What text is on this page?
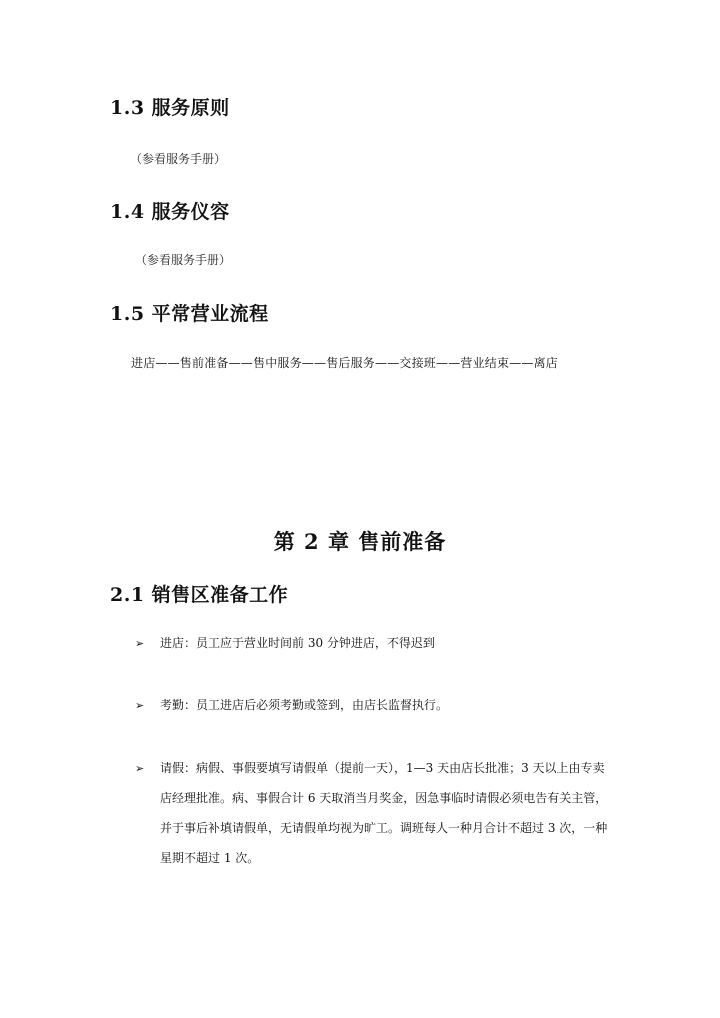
1.3 服务原则
（参看服务手册）
1.4 服务仪容
（参看服务手册）
1.5 平常营业流程
进店——售前准备——售中服务——售后服务——交接班——营业结束——离店
第 2 章 售前准备
2.1 销售区准备工作
➢ 进店：员工应于营业时间前 30 分钟进店，不得迟到
➢ 考勤：员工进店后必须考勤或签到，由店长监督执行。
➢ 请假：病假、事假要填写请假单（提前一天），1—3 天由店长批准；3 天以上由专卖店经理批准。病、事假合计 6 天取消当月奖金，因急事临时请假必须电告有关主管，并于事后补填请假单，无请假单均视为旷工。调班每人一种月合计不超过 3 次，一种星期不超过 1 次。
